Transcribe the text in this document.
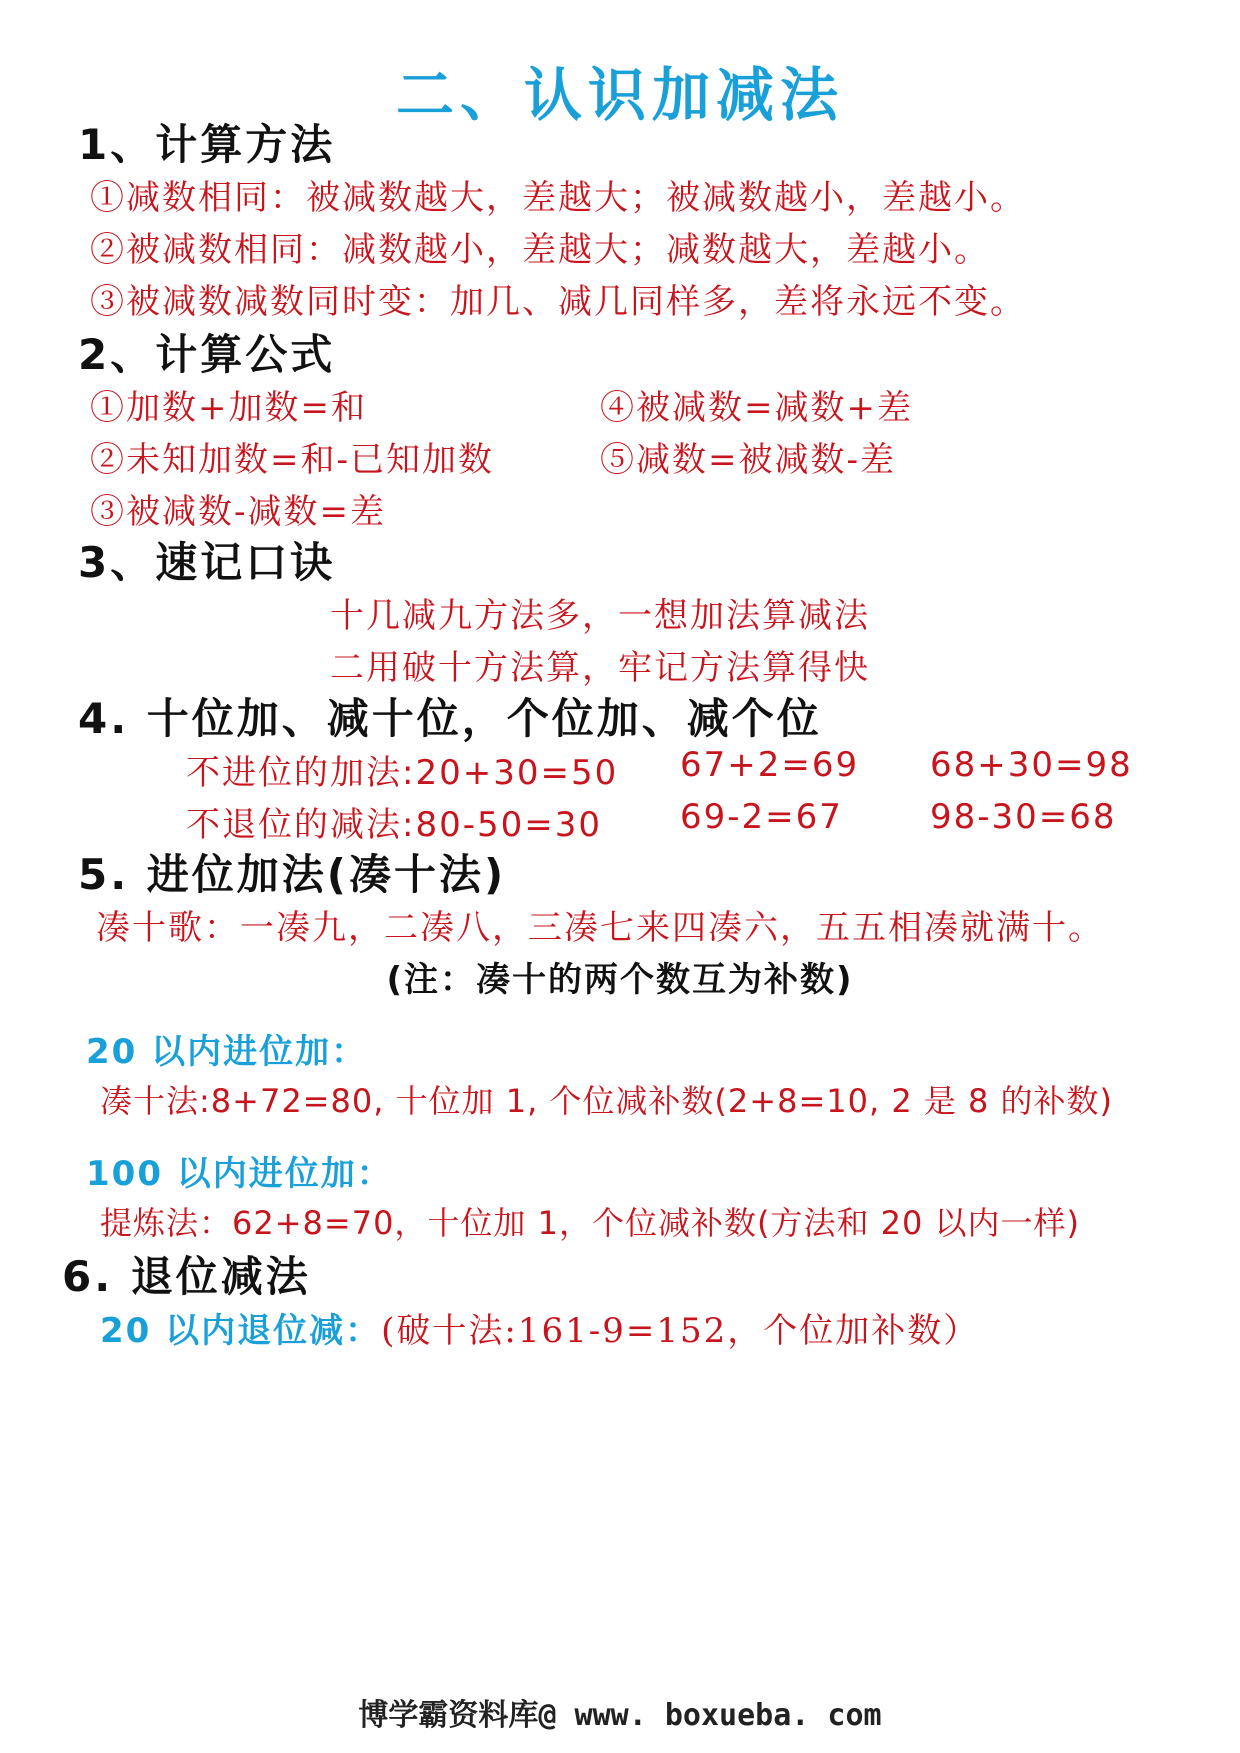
二、认识加减法
1、计算方法
①减数相同：被减数越大，差越大；被减数越小，差越小。
②被减数相同：减数越小，差越大；减数越大，差越小。
③被减数减数同时变：加几、减几同样多，差将永远不变。
2、计算公式
①加数+加数=和
②未知加数=和-已知加数
③被减数-减数=差
④被减数=减数+差
⑤减数=被减数-差
3、速记口诀
十几减九方法多，一想加法算减法
二用破十方法算，牢记方法算得快
4. 十位加、减十位，个位加、减个位
不进位的加法:20+30=50 67+2=69 68+30=98
不退位的减法:80-50=30 69-2=67	98-30=68
5. 进位加法(凑十法)
凑十歌：一凑九，二凑八，三凑七来四凑六，五五相凑就满十。
(注：凑十的两个数互为补数)
20 以内进位加：
凑十法:8+72=80, 十位加 1, 个位减补数(2+8=10, 2 是 8 的补数)
100 以内进位加：
提炼法：62+8=70，十位加 1，个位减补数(方法和 20 以内一样)
6. 退位减法
20 以内退位减：(破十法:161-9=152，个位加补数）
博学霸资料库@ www. boxueba. com
